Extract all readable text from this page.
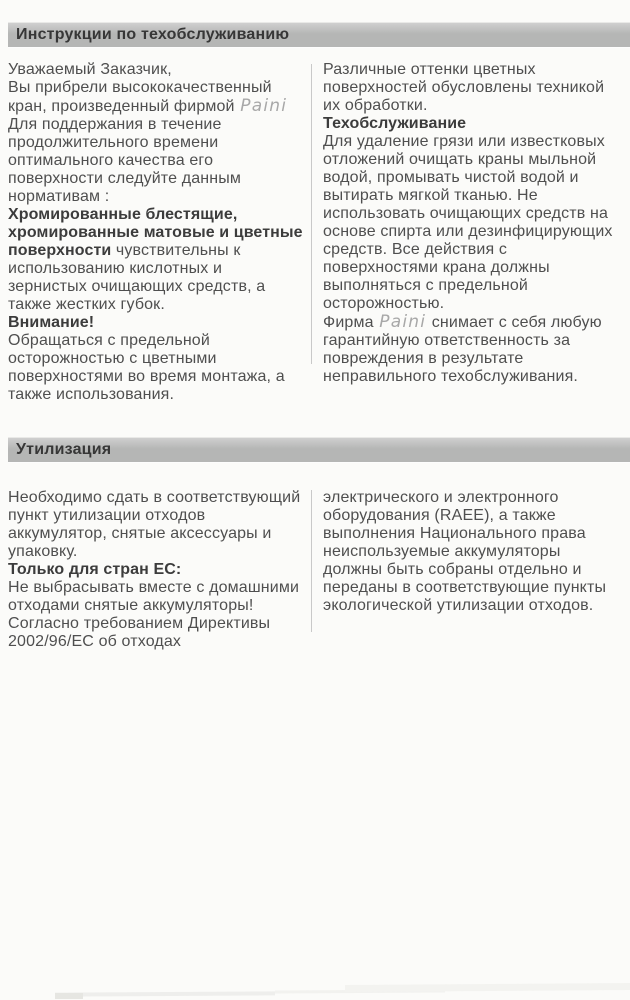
Инструкции по техобслуживанию
Уважаемый Заказчик,
Вы прибрели высококачественный
кран, произведенный фирмой Paini
Для поддержания в течение
продолжительного времени
оптимального качества его
поверхности следуйте данным
нормативам :
Хромированные блестящие,
хромированные матовые и цветные
поверхности чувствительны к
использованию кислотных и
зернистых очищающих средств, а
также жестких губок.
Внимание!
Обращаться с предельной
осторожностью с цветными
поверхностями во время монтажа, а
также использования.
Различные оттенки цветных
поверхностей обусловлены техникой
их обработки.
Техобслуживание
Для удаление грязи или известковых
отложений очищать краны мыльной
водой, промывать чистой водой и
вытирать мягкой тканью. Не
использовать очищающих средств на
основе спирта или дезинфицирующих
средств. Все действия с
поверхностями крана должны
выполняться с предельной
осторожностью.
Фирма Paini снимает с себя любую
гарантийную ответственность за
повреждения в результате
неправильного техобслуживания.
Утилизация
Необходимо сдать в соответствующий
пункт утилизации отходов
аккумулятор, снятые аксессуары и
упаковку.
Только для стран ЕС:
Не выбрасывать вместе с домашними
отходами снятые аккумуляторы!
Согласно требованием Директивы
2002/96/ЕС об отходах
электрического и электронного
оборудования (RAEE), а также
выполнения Национального права
неиспользуемые аккумуляторы
должны быть собраны отдельно и
переданы в соответствующие пункты
экологической утилизации отходов.
